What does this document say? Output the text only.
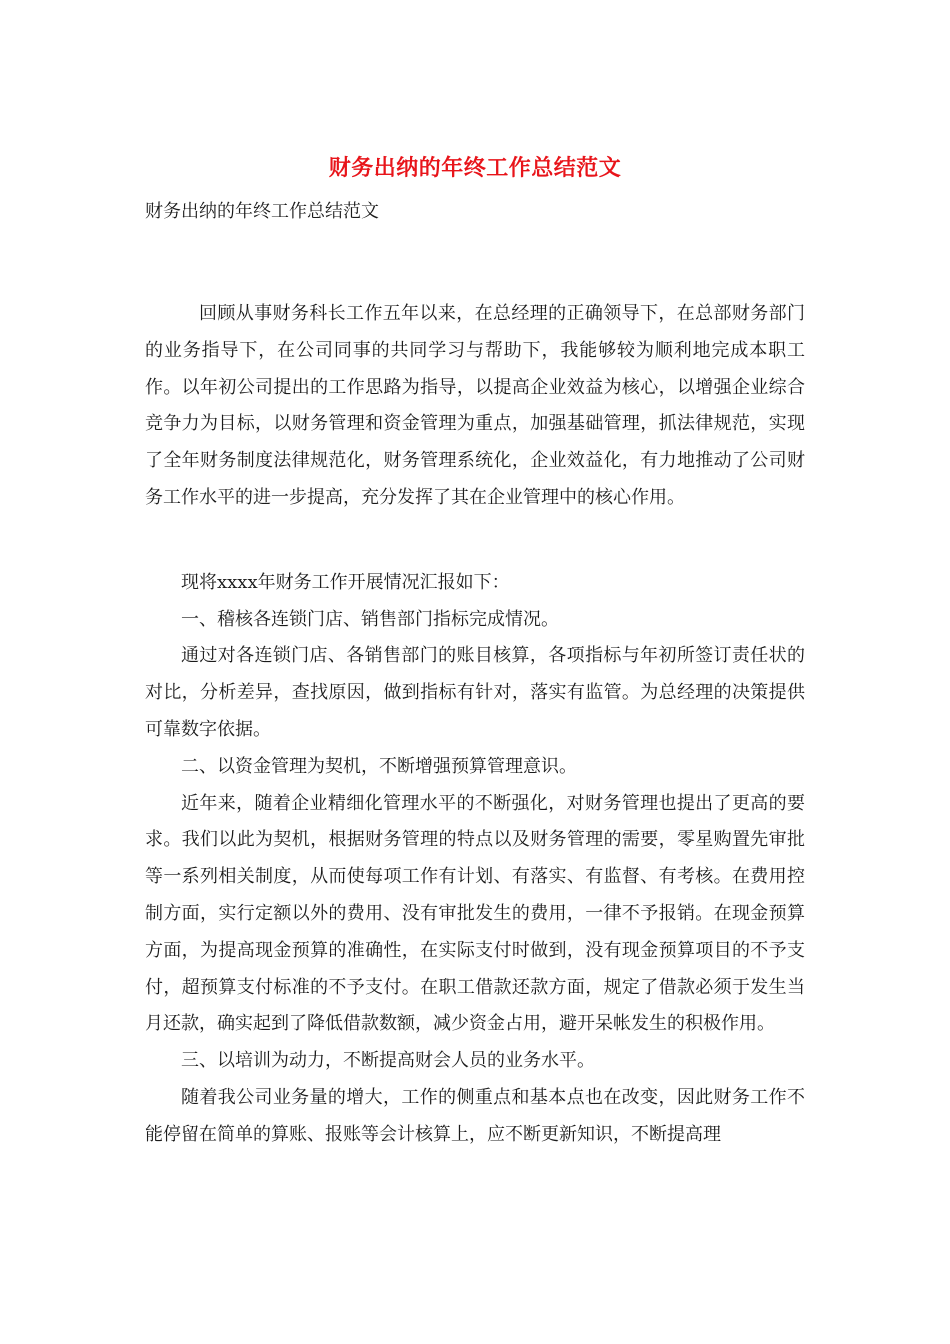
财务出纳的年终工作总结范文

财务出纳的年终工作总结范文

回顾从事财务科长工作五年以来，在总经理的正确领导下，在总部财务部门的业务指导下，在公司同事的共同学习与帮助下，我能够较为顺利地完成本职工作。以年初公司提出的工作思路为指导，以提高企业效益为核心，以增强企业综合竞争力为目标，以财务管理和资金管理为重点，加强基础管理，抓法律规范，实现了全年财务制度法律规范化，财务管理系统化，企业效益化，有力地推动了公司财务工作水平的进一步提高，充分发挥了其在企业管理中的核心作用。

现将xxxx年财务工作开展情况汇报如下：

一、稽核各连锁门店、销售部门指标完成情况。

通过对各连锁门店、各销售部门的账目核算，各项指标与年初所签订责任状的对比，分析差异，查找原因，做到指标有针对，落实有监管。为总经理的决策提供可靠数字依据。

二、以资金管理为契机，不断增强预算管理意识。

近年来，随着企业精细化管理水平的不断强化，对财务管理也提出了更高的要求。我们以此为契机，根据财务管理的特点以及财务管理的需要，零星购置先审批等一系列相关制度，从而使每项工作有计划、有落实、有监督、有考核。在费用控制方面，实行定额以外的费用、没有审批发生的费用，一律不予报销。在现金预算方面，为提高现金预算的准确性，在实际支付时做到，没有现金预算项目的不予支付，超预算支付标准的不予支付。在职工借款还款方面，规定了借款必须于发生当月还款，确实起到了降低借款数额，减少资金占用，避开呆帐发生的积极作用。

三、以培训为动力，不断提高财会人员的业务水平。

随着我公司业务量的增大，工作的侧重点和基本点也在改变，因此财务工作不能停留在简单的算账、报账等会计核算上，应不断更新知识，不断提高理
